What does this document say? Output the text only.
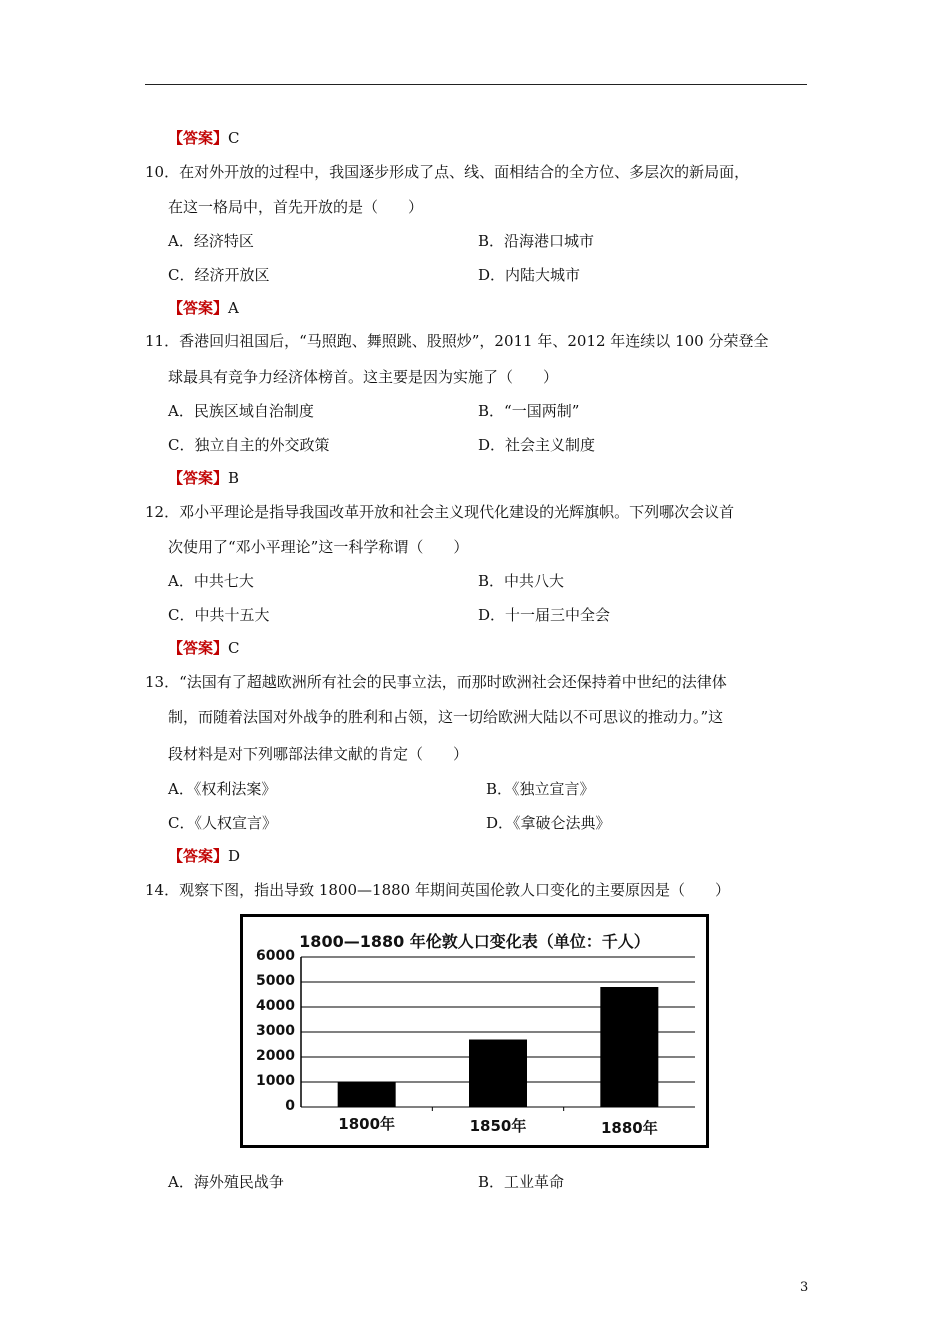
【答案】C
10．在对外开放的过程中，我国逐步形成了点、线、面相结合的全方位、多层次的新局面，
在这一格局中，首先开放的是（　　）
A．经济特区	B．沿海港口城市
C．经济开放区	D．内陆大城市
【答案】A
11．香港回归祖国后，“马照跑、舞照跳、股照炒”，2011 年、2012 年连续以 100 分荣登全
球最具有竞争力经济体榜首。这主要是因为实施了（　　）
A．民族区域自治制度	B．“一国两制”
C．独立自主的外交政策	D．社会主义制度
【答案】B
12．邓小平理论是指导我国改革开放和社会主义现代化建设的光辉旗帜。下列哪次会议首
次使用了“邓小平理论”这一科学称谓（　　）
A．中共七大	B．中共八大
C．中共十五大	D．十一届三中全会
【答案】C
13．“法国有了超越欧洲所有社会的民事立法，而那时欧洲社会还保持着中世纪的法律体
制，而随着法国对外战争的胜利和占领，这一切给欧洲大陆以不可思议的推动力。”这
段材料是对下列哪部法律文献的肯定（　　）
A．《权利法案》	B．《独立宣言》
C．《人权宣言》	D．《拿破仑法典》
【答案】D
14．观察下图，指出导致 1800—1880 年期间英国伦敦人口变化的主要原因是（　　）
1800—1880 年伦敦人口变化表（单位：千人）
0
1000
2000
3000
4000
5000
6000
1800年	1850年	1880年
A．海外殖民战争	B．工业革命
3
